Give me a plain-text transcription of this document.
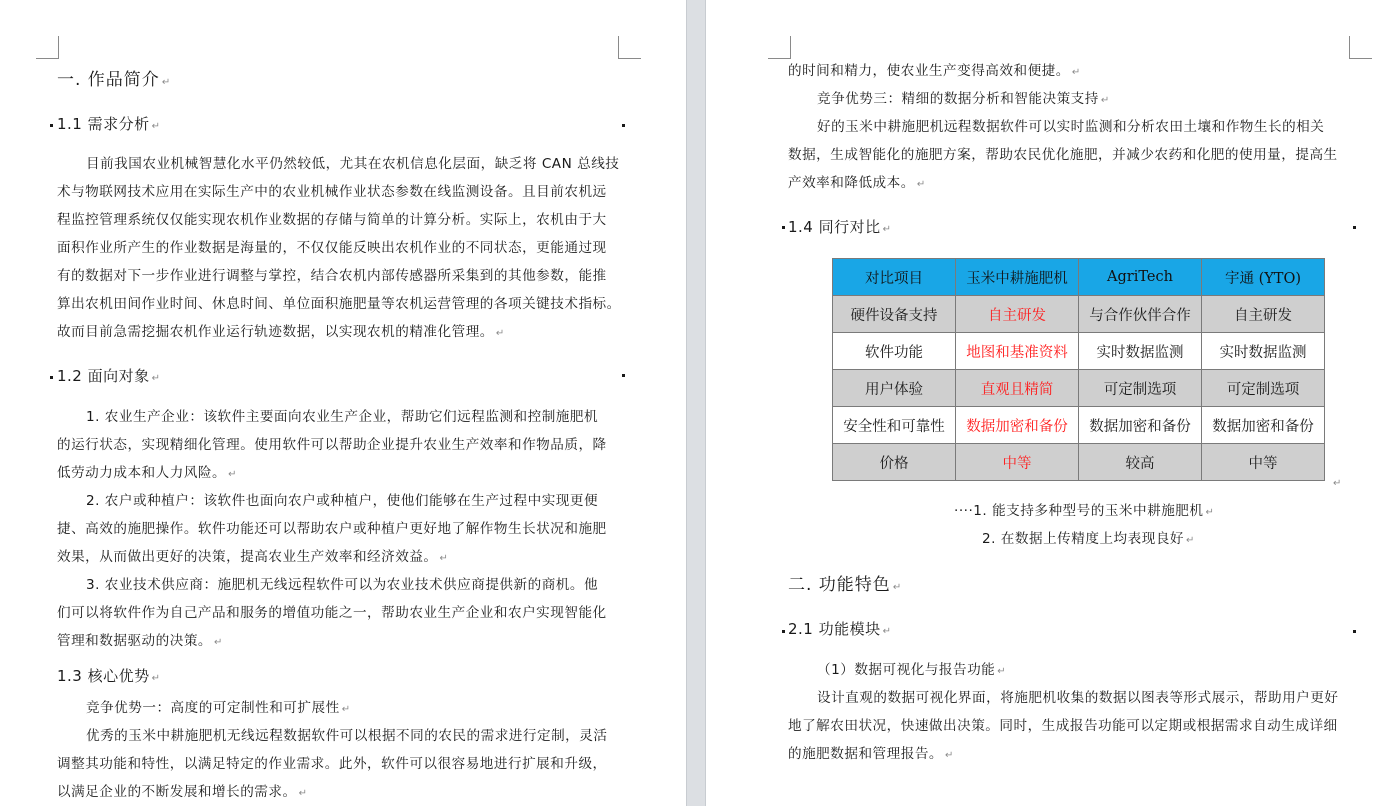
一. 作品简介 ↵
1.1 需求分析 ↵
目前我国农业机械智慧化水平仍然较低，尤其在农机信息化层面，缺乏将 CAN 总线技
术与物联网技术应用在实际生产中的农业机械作业状态参数在线监测设备。且目前农机远
程监控管理系统仅仅能实现农机作业数据的存储与简单的计算分析。实际上，农机由于大
面积作业所产生的作业数据是海量的，不仅仅能反映出农机作业的不同状态，更能通过现
有的数据对下一步作业进行调整与掌控，结合农机内部传感器所采集到的其他参数，能推
算出农机田间作业时间、休息时间、单位面积施肥量等农机运营管理的各项关键技术指标。
故而目前急需挖掘农机作业运行轨迹数据，以实现农机的精准化管理。 ↵
1.2 面向对象 ↵
1. 农业生产企业：该软件主要面向农业生产企业，帮助它们远程监测和控制施肥机
的运行状态，实现精细化管理。使用软件可以帮助企业提升农业生产效率和作物品质，降
低劳动力成本和人力风险。 ↵
2. 农户或种植户：该软件也面向农户或种植户，使他们能够在生产过程中实现更便
捷、高效的施肥操作。软件功能还可以帮助农户或种植户更好地了解作物生长状况和施肥
效果，从而做出更好的决策，提高农业生产效率和经济效益。 ↵
3. 农业技术供应商：施肥机无线远程软件可以为农业技术供应商提供新的商机。他
们可以将软件作为自己产品和服务的增值功能之一，帮助农业生产企业和农户实现智能化
管理和数据驱动的决策。 ↵
1.3 核心优势 ↵
竞争优势一：高度的可定制性和可扩展性 ↵
优秀的玉米中耕施肥机无线远程数据软件可以根据不同的农民的需求进行定制，灵活
调整其功能和特性，以满足特定的作业需求。此外，软件可以很容易地进行扩展和升级，
以满足企业的不断发展和增长的需求。 ↵
的时间和精力，使农业生产变得高效和便捷。 ↵
竞争优势三：精细的数据分析和智能决策支持 ↵
好的玉米中耕施肥机远程数据软件可以实时监测和分析农田土壤和作物生长的相关
数据，生成智能化的施肥方案，帮助农民优化施肥，并减少农药和化肥的使用量，提高生
产效率和降低成本。 ↵
1.4 同行对比 ↵
对比项目	玉米中耕施肥机	AgriTech	宇通 (YTO)
硬件设备支持	自主研发	与合作伙伴合作	自主研发
软件功能	地图和基准资料	实时数据监测	实时数据监测
用户体验	直观且精简	可定制选项	可定制选项
安全性和可靠性	数据加密和备份	数据加密和备份	数据加密和备份
价格	中等	较高	中等
↵
····1. 能支持多种型号的玉米中耕施肥机 ↵
2. 在数据上传精度上均表现良好 ↵
二. 功能特色 ↵
2.1 功能模块 ↵
（1）数据可视化与报告功能 ↵
设计直观的数据可视化界面，将施肥机收集的数据以图表等形式展示，帮助用户更好
地了解农田状况，快速做出决策。同时，生成报告功能可以定期或根据需求自动生成详细
的施肥数据和管理报告。 ↵
